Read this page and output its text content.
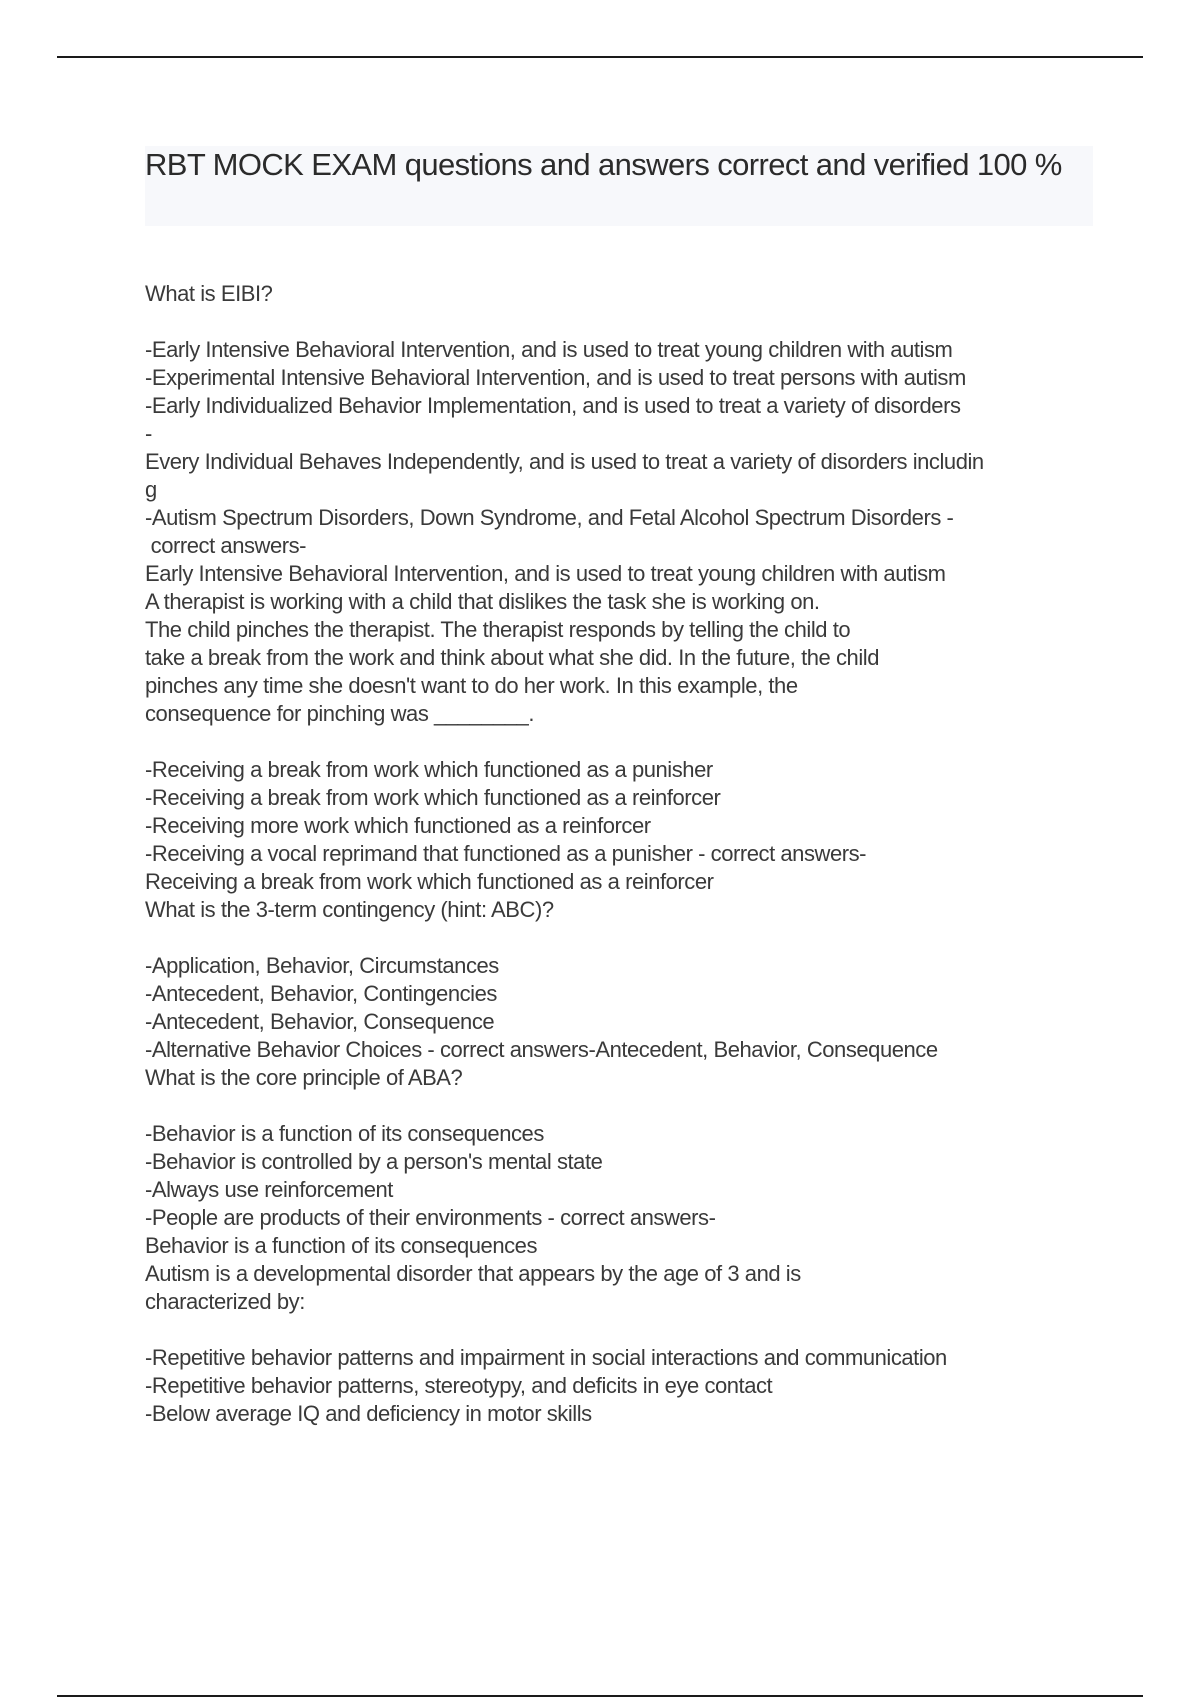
RBT MOCK EXAM questions and answers correct and verified 100 %
What is EIBI?
-Early Intensive Behavioral Intervention, and is used to treat young children with autism
-Experimental Intensive Behavioral Intervention, and is used to treat persons with autism
-Early Individualized Behavior Implementation, and is used to treat a variety of disorders
-
Every Individual Behaves Independently, and is used to treat a variety of disorders includin
g
-Autism Spectrum Disorders, Down Syndrome, and Fetal Alcohol Spectrum Disorders -
correct answers-
Early Intensive Behavioral Intervention, and is used to treat young children with autism
A therapist is working with a child that dislikes the task she is working on.
The child pinches the therapist. The therapist responds by telling the child to
take a break from the work and think about what she did. In the future, the child
pinches any time she doesn't want to do her work. In this example, the
consequence for pinching was ________.
-Receiving a break from work which functioned as a punisher
-Receiving a break from work which functioned as a reinforcer
-Receiving more work which functioned as a reinforcer
-Receiving a vocal reprimand that functioned as a punisher - correct answers-
Receiving a break from work which functioned as a reinforcer
What is the 3-term contingency (hint: ABC)?
-Application, Behavior, Circumstances
-Antecedent, Behavior, Contingencies
-Antecedent, Behavior, Consequence
-Alternative Behavior Choices - correct answers-Antecedent, Behavior, Consequence
What is the core principle of ABA?
-Behavior is a function of its consequences
-Behavior is controlled by a person's mental state
-Always use reinforcement
-People are products of their environments - correct answers-
Behavior is a function of its consequences
Autism is a developmental disorder that appears by the age of 3 and is
characterized by:
-Repetitive behavior patterns and impairment in social interactions and communication
-Repetitive behavior patterns, stereotypy, and deficits in eye contact
-Below average IQ and deficiency in motor skills
